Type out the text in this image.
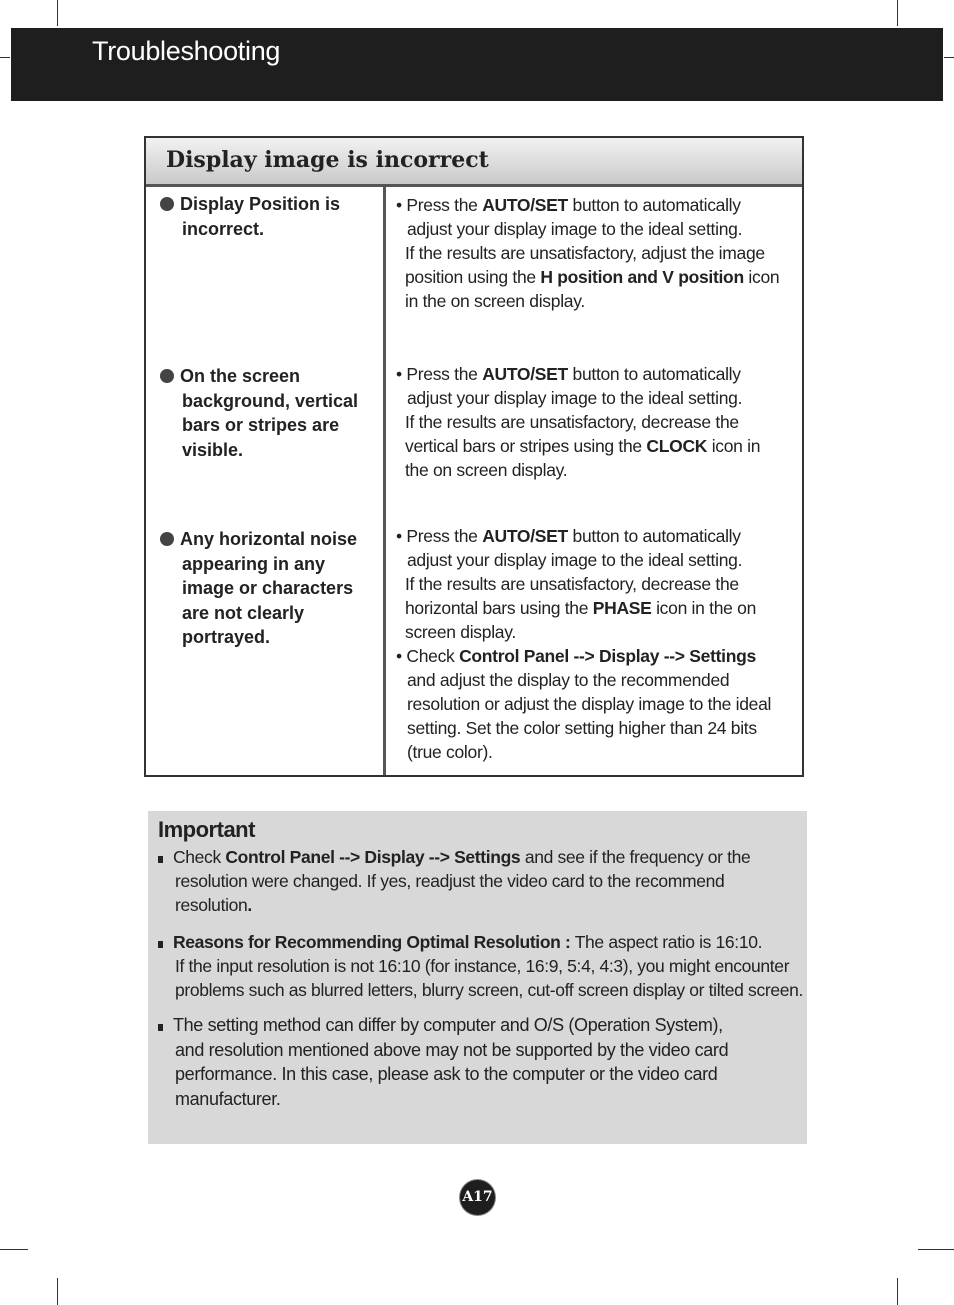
Troubleshooting
Display image is incorrect
Display Position is
incorrect.

• Press the AUTO/SET button to automatically

adjust your display image to the ideal setting.

If the results are unsatisfactory, adjust the image

position using the H position and V position icon

in the on screen display.

On the screen
background, vertical
bars or stripes are
visible.

• Press the AUTO/SET button to automatically

adjust your display image to the ideal setting.

If the results are unsatisfactory, decrease the

vertical bars or stripes using the CLOCK icon in

the on screen display.

Any horizontal noise
appearing in any
image or characters
are not clearly
portrayed.

• Press the AUTO/SET button to automatically

adjust your display image to the ideal setting.

If the results are unsatisfactory, decrease the

horizontal bars using the PHASE icon in the on

screen display.

• Check Control Panel --> Display --> Settings

and adjust the display to the recommended

resolution or adjust the display image to the ideal

setting. Set the color setting higher than 24 bits

(true color).

Important
Check Control Panel --> Display --> Settings and see if the frequency or the
resolution were changed. If yes, readjust the video card to the recommend
resolution.
Reasons for Recommending Optimal Resolution : The aspect ratio is 16:10.
If the input resolution is not 16:10 (for instance, 16:9, 5:4, 4:3), you might encounter
problems such as blurred letters, blurry screen, cut-off screen display or tilted screen.
The setting method can differ by computer and O/S (Operation System),
and resolution mentioned above may not be supported by the video card
performance. In this case, please ask to the computer or the video card
manufacturer.
A17
